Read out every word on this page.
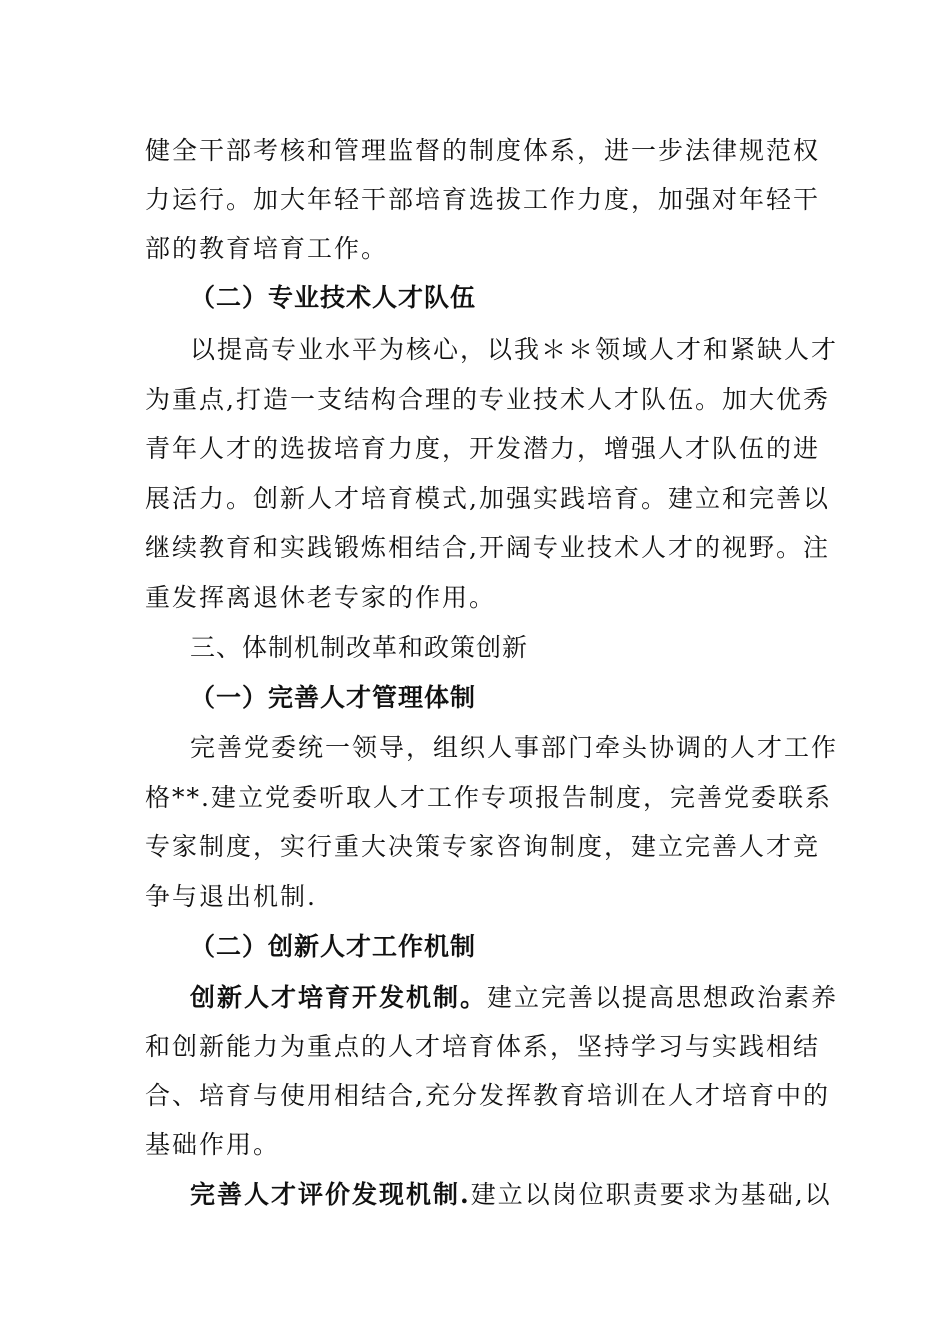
健全干部考核和管理监督的制度体系，进一步法律规范权
力运行。加大年轻干部培育选拔工作力度，加强对年轻干
部的教育培育工作。
（二）专业技术人才队伍
以提高专业水平为核心，以我＊＊领域人才和紧缺人才
为重点,打造一支结构合理的专业技术人才队伍。加大优秀
青年人才的选拔培育力度，开发潜力，增强人才队伍的进
展活力。创新人才培育模式,加强实践培育。建立和完善以
继续教育和实践锻炼相结合,开阔专业技术人才的视野。注
重发挥离退休老专家的作用。
三、体制机制改革和政策创新
（一）完善人才管理体制
完善党委统一领导，组织人事部门牵头协调的人才工作
格**.建立党委听取人才工作专项报告制度，完善党委联系
专家制度，实行重大决策专家咨询制度，建立完善人才竞
争与退出机制.
（二）创新人才工作机制
创新人才培育开发机制。建立完善以提高思想政治素养
和创新能力为重点的人才培育体系，坚持学习与实践相结
合、培育与使用相结合,充分发挥教育培训在人才培育中的
基础作用。
完善人才评价发现机制.建立以岗位职责要求为基础,以
